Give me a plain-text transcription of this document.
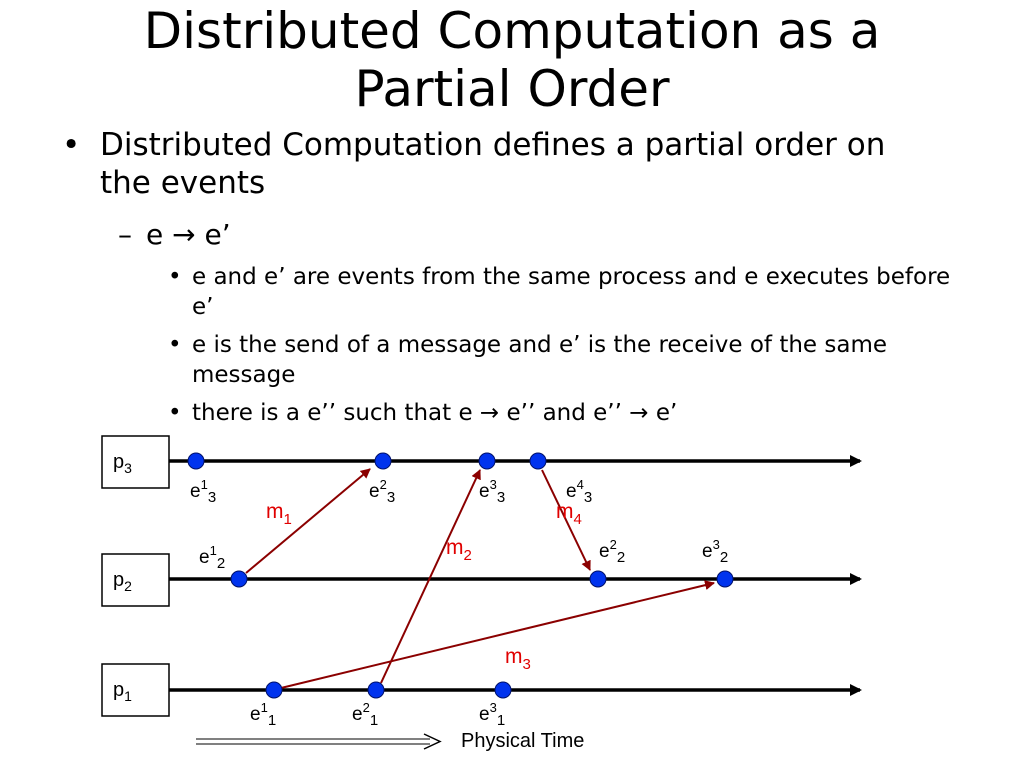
Distributed Computation as a
Partial Order
• Distributed Computation defines a partial order on the events
– e → e’
• e and e’ are events from the same process and e executes before e’
• e is the send of a message and e’ is the receive of the same message
• there is a e’’ such that e → e’’ and e’’ → e’
$p_3$
$p_2$
$p_1$
$e^1_3$	$e^2_3$	$e^3_3$	$e^4_3$
$e^1_2$
$e^2_2$	$e^3_2$
$e^1_1$	$e^2_1$	$e^3_1$
$m_1$
$m_2$
$m_3$
$m_4$
Physical Time
